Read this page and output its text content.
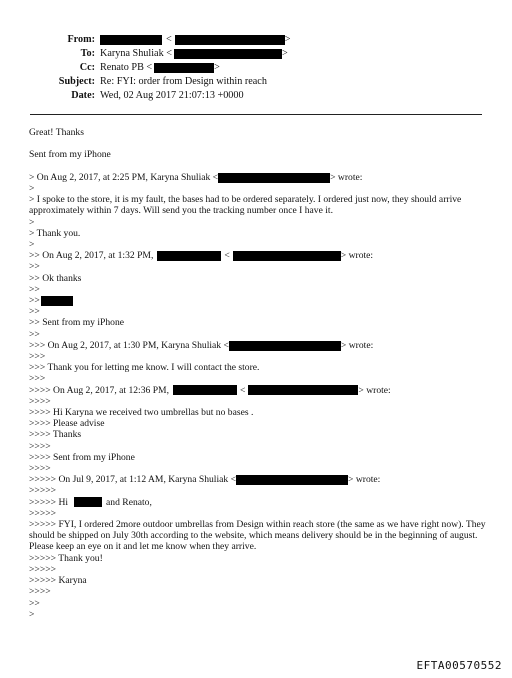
From:	<	>
To: Karyna Shuliak <	>
Cc: Renato PB <	>
Subject: Re: FYI: order from Design within reach
Date: Wed, 02 Aug 2017 21:07:13 +0000
Great! Thanks
Sent from my iPhone
> On Aug 2, 2017, at 2:25 PM, Karyna Shuliak <	> wrote:
>
> I spoke to the store, it is my fault, the bases had to be ordered separately. I ordered just now, they should arrive approximately within 7 days. Will send you the tracking number once I have it.
>
> Thank you.
>
>> On Aug 2, 2017, at 1:32 PM,	<	> wrote:
>>
>> Ok thanks
>>
>>
>>
>> Sent from my iPhone
>>
>>> On Aug 2, 2017, at 1:30 PM, Karyna Shuliak <	> wrote:
>>>
>>> Thank you for letting me know. I will contact the store.
>>>
>>>> On Aug 2, 2017, at 12:36 PM,	<	> wrote:
>>>>
>>>> Hi Karyna we received two umbrellas but no bases .
>>>> Please advise
>>>> Thanks
>>>>
>>>> Sent from my iPhone
>>>>
>>>>> On Jul 9, 2017, at 1:12 AM, Karyna Shuliak <	> wrote:
>>>>>
>>>>> Hi	and Renato,
>>>>>
>>>>> FYI, I ordered 2more outdoor umbrellas from Design within reach store (the same as we have right now). They should be shipped on July 30th according to the website, which means delivery should be in the beginning of august. Please keep an eye on it and let me know when they arrive.
>>>>> Thank you!
>>>>>
>>>>> Karyna
>>>>
>>
>
EFTA00570552
